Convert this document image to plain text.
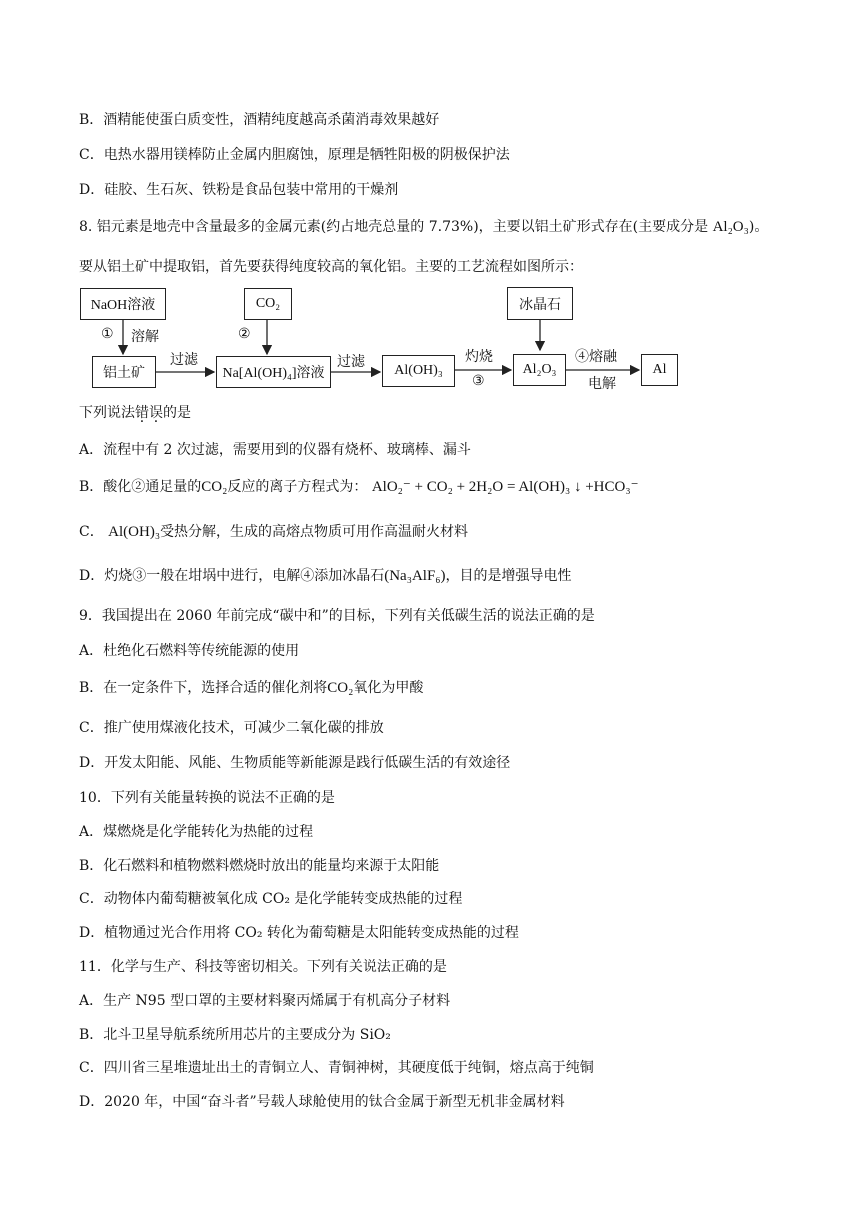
B．酒精能使蛋白质变性，酒精纯度越高杀菌消毒效果越好
C．电热水器用镁棒防止金属内胆腐蚀，原理是牺牲阳极的阴极保护法
D．硅胶、生石灰、铁粉是食品包装中常用的干燥剂
8. 铝元素是地壳中含量最多的金属元素(约占地壳总量的 7.73%)，主要以铝土矿形式存在(主要成分是 Al₂O₃)。
要从铝土矿中提取铝，首先要获得纯度较高的氧化铝。主要的工艺流程如图所示：
NaOH溶液	CO₂	冰晶石
铝土矿	Na[Al(OH)₄]溶液	Al(OH)₃	Al₂O₃	Al
① 溶解	②
过滤	过滤	灼烧
③
④熔融
电解
下列说法错误的是
A．流程中有 2 次过滤，需要用到的仪器有烧杯、玻璃棒、漏斗
B．酸化②通足量的CO₂反应的离子方程式为： AlO₂⁻ + CO₂ + 2H₂O = Al(OH)₃ ↓ +HCO₃⁻
C． Al(OH)₃受热分解，生成的高熔点物质可用作高温耐火材料
D．灼烧③一般在坩埚中进行，电解④添加冰晶石(Na₃AlF₆)，目的是增强导电性
9．我国提出在 2060 年前完成“碳中和”的目标，下列有关低碳生活的说法正确的是
A．杜绝化石燃料等传统能源的使用
B．在一定条件下，选择合适的催化剂将CO₂氧化为甲酸
C．推广使用煤液化技术，可减少二氧化碳的排放
D．开发太阳能、风能、生物质能等新能源是践行低碳生活的有效途径
10．下列有关能量转换的说法不正确的是
A．煤燃烧是化学能转化为热能的过程
B．化石燃料和植物燃料燃烧时放出的能量均来源于太阳能
C．动物体内葡萄糖被氧化成 CO₂ 是化学能转变成热能的过程
D．植物通过光合作用将 CO₂ 转化为葡萄糖是太阳能转变成热能的过程
11．化学与生产、科技等密切相关。下列有关说法正确的是
A．生产 N95 型口罩的主要材料聚丙烯属于有机高分子材料
B．北斗卫星导航系统所用芯片的主要成分为 SiO₂
C．四川省三星堆遗址出土的青铜立人、青铜神树，其硬度低于纯铜，熔点高于纯铜
D．2020 年，中国“奋斗者”号载人球舱使用的钛合金属于新型无机非金属材料
